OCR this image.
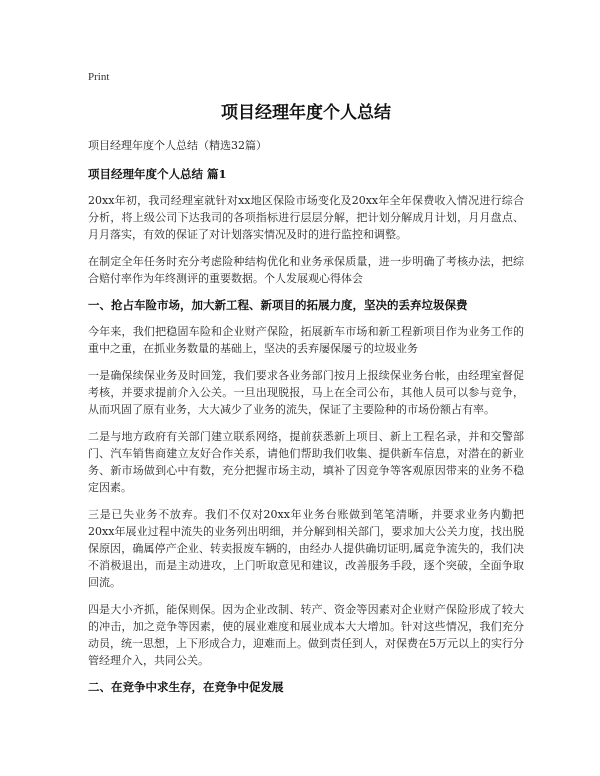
Print
项目经理年度个人总结

项目经理年度个人总结（精选32篇）

项目经理年度个人总结 篇1

20xx年初，我司经理室就针对xx地区保险市场变化及20xx年全年保费收入情况进行综合分析，将上级公司下达我司的各项指标进行层层分解，把计划分解成月计划，月月盘点、月月落实，有效的保证了对计划落实情况及时的进行监控和调整。

在制定全年任务时充分考虑险种结构优化和业务承保质量，进一步明确了考核办法，把综合赔付率作为年终测评的重要数据。个人发展观心得体会

一、抢占车险市场，加大新工程、新项目的拓展力度，坚决的丢弃垃圾保费

今年来，我们把稳固车险和企业财产保险，拓展新车市场和新工程新项目作为业务工作的重中之重，在抓业务数量的基础上，坚决的丢弃屡保屡亏的垃圾业务

一是确保续保业务及时回笼，我们要求各业务部门按月上报续保业务台帐，由经理室督促考核，并要求提前介入公关。一旦出现脱报，马上在全司公布，其他人员可以参与竞争，从而巩固了原有业务，大大减少了业务的流失，保证了主要险种的市场份额占有率。

二是与地方政府有关部门建立联系网络，提前获悉新上项目、新上工程名录，并和交警部门、汽车销售商建立友好合作关系，请他们帮助我们收集、提供新车信息，对潜在的新业务、新市场做到心中有数，充分把握市场主动，填补了因竞争等客观原因带来的业务不稳定因素。

三是已失业务不放弃。我们不仅对20xx年业务台账做到笔笔清晰，并要求业务内勤把20xx年展业过程中流失的业务列出明细，并分解到相关部门，要求加大公关力度，找出脱保原因，确属停产企业、转卖报废车辆的，由经办人提供确切证明,属竞争流失的，我们决不消极退出，而是主动进攻，上门听取意见和建议，改善服务手段，逐个突破，全面争取回流。

四是大小齐抓，能保则保。因为企业改制、转产、资金等因素对企业财产保险形成了较大的冲击，加之竞争等因素，使的展业难度和展业成本大大增加。针对这些情况，我们充分动员，统一思想，上下形成合力，迎难而上。做到责任到人，对保费在5万元以上的实行分管经理介入，共同公关。

二、在竞争中求生存，在竞争中促发展
